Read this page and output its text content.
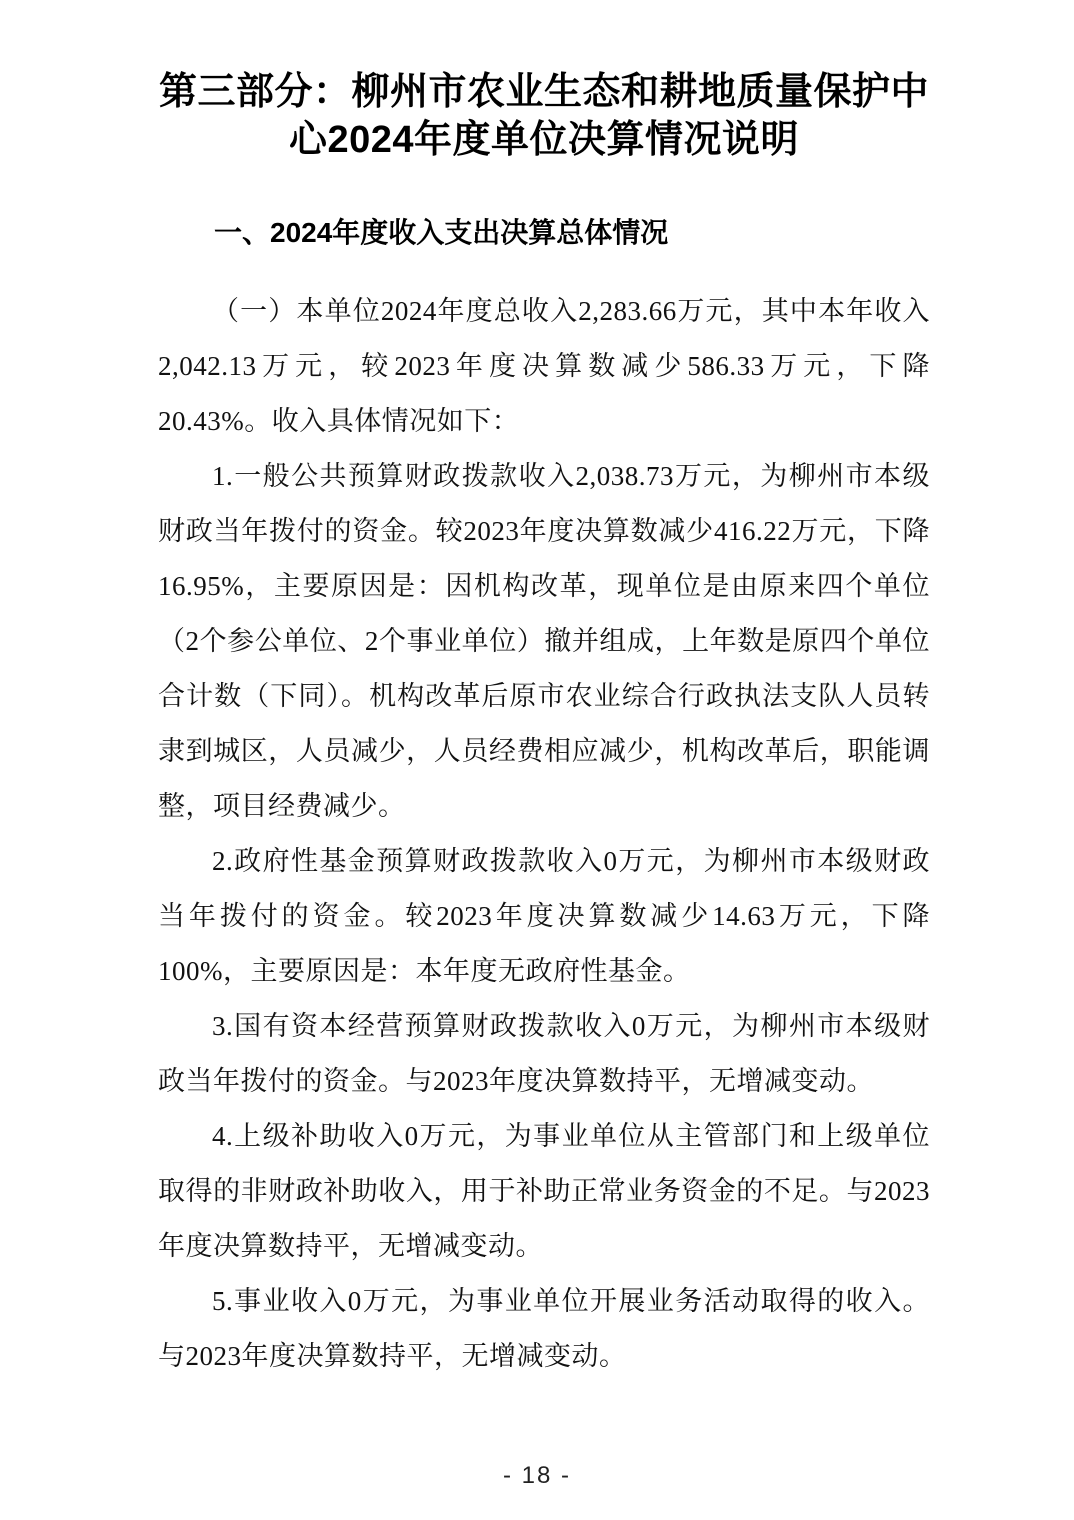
第三部分：柳州市农业生态和耕地质量保护中心2024年度单位决算情况说明
一、2024年度收入支出决算总体情况

（一）本单位2024年度总收入2,283.66万元，其中本年收入2,042.13万元，较2023年度决算数减少586.33万元，下降20.43%。收入具体情况如下：

1.一般公共预算财政拨款收入2,038.73万元，为柳州市本级财政当年拨付的资金。较2023年度决算数减少416.22万元，下降16.95%，主要原因是：因机构改革，现单位是由原来四个单位（2个参公单位、2个事业单位）撤并组成，上年数是原四个单位合计数（下同）。机构改革后原市农业综合行政执法支队人员转隶到城区，人员减少，人员经费相应减少，机构改革后，职能调整，项目经费减少。

2.政府性基金预算财政拨款收入0万元，为柳州市本级财政当年拨付的资金。较2023年度决算数减少14.63万元，下降100%，主要原因是：本年度无政府性基金。

3.国有资本经营预算财政拨款收入0万元，为柳州市本级财政当年拨付的资金。与2023年度决算数持平，无增减变动。

4.上级补助收入0万元，为事业单位从主管部门和上级单位取得的非财政补助收入，用于补助正常业务资金的不足。与2023年度决算数持平，无增减变动。

5.事业收入0万元，为事业单位开展业务活动取得的收入。与2023年度决算数持平，无增减变动。

- 18 -
